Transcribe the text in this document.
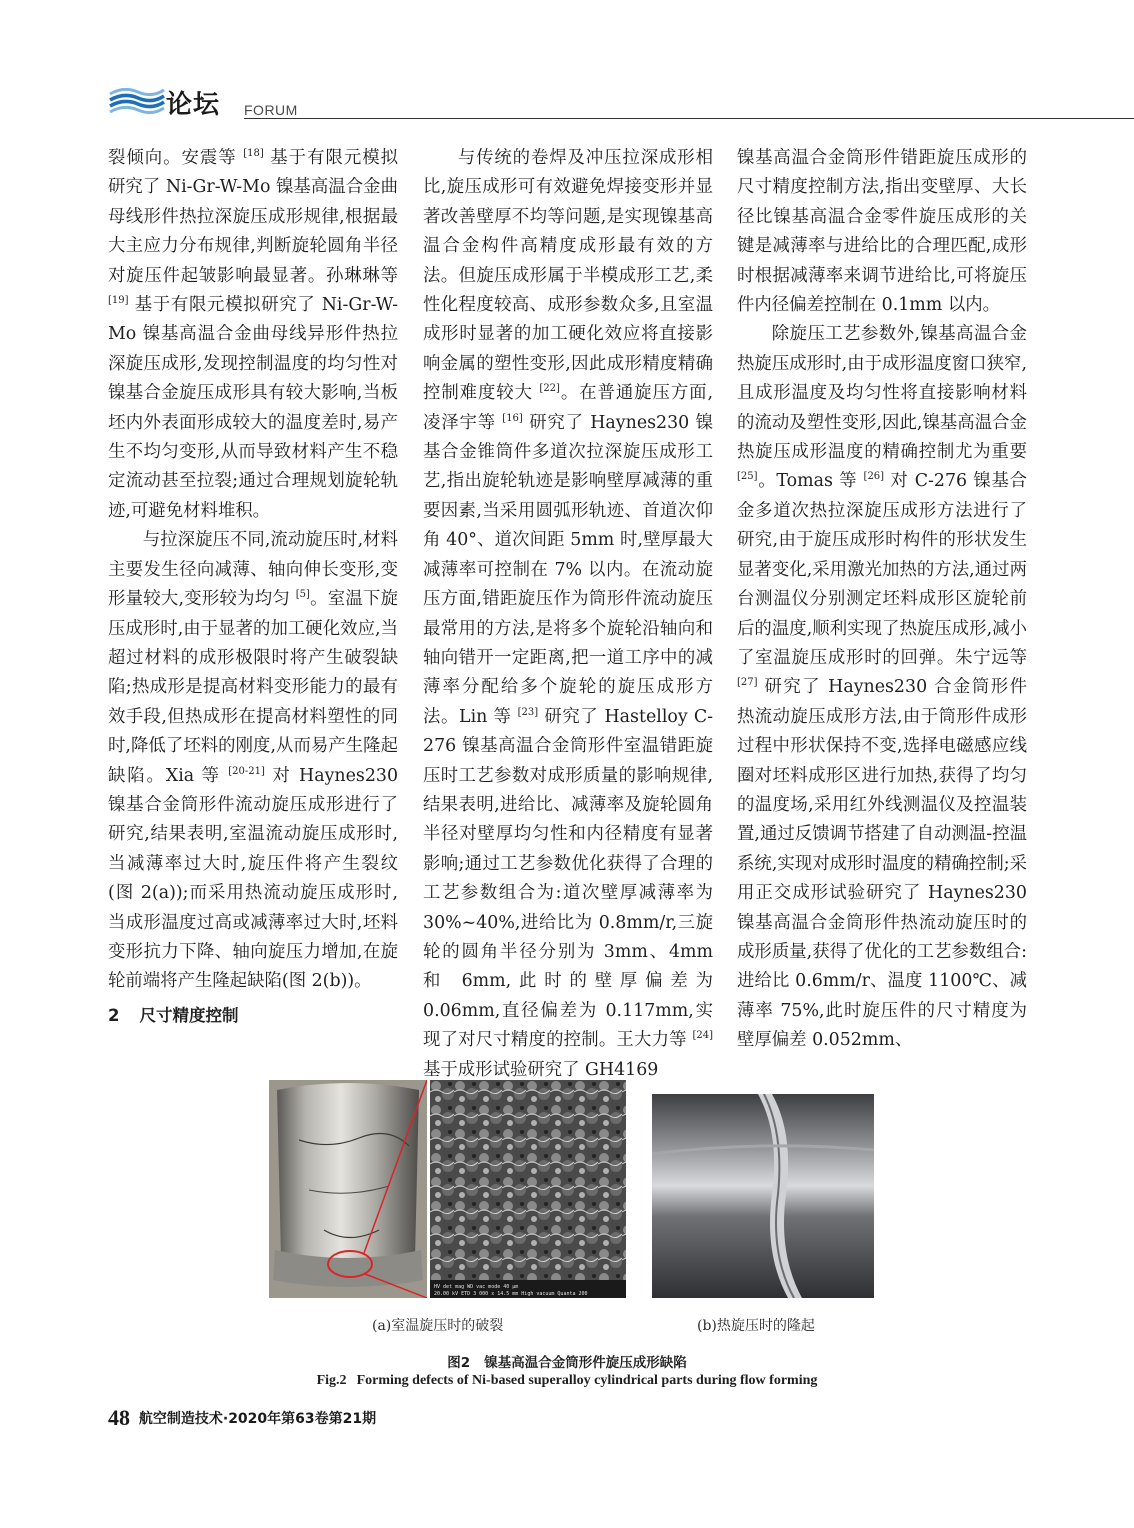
论坛 FORUM

裂倾向。安震等 [18] 基于有限元模拟研究了 Ni-Gr-W-Mo 镍基高温合金曲母线形件热拉深旋压成形规律,根据最大主应力分布规律,判断旋轮圆角半径对旋压件起皱影响最显著。孙琳琳等 [19] 基于有限元模拟研究了 Ni-Gr-W-Mo 镍基高温合金曲母线异形件热拉深旋压成形,发现控制温度的均匀性对镍基合金旋压成形具有较大影响,当板坯内外表面形成较大的温度差时,易产生不均匀变形,从而导致材料产生不稳定流动甚至拉裂;通过合理规划旋轮轨迹,可避免材料堆积。

与拉深旋压不同,流动旋压时,材料主要发生径向减薄、轴向伸长变形,变形量较大,变形较为均匀 [5]。室温下旋压成形时,由于显著的加工硬化效应,当超过材料的成形极限时将产生破裂缺陷;热成形是提高材料变形能力的最有效手段,但热成形在提高材料塑性的同时,降低了坯料的刚度,从而易产生隆起缺陷。Xia 等 [20-21] 对 Haynes230 镍基合金筒形件流动旋压成形进行了研究,结果表明,室温流动旋压成形时,当减薄率过大时,旋压件将产生裂纹(图 2(a));而采用热流动旋压成形时,当成形温度过高或减薄率过大时,坯料变形抗力下降、轴向旋压力增加,在旋轮前端将产生隆起缺陷(图 2(b))。

2 尺寸精度控制

与传统的卷焊及冲压拉深成形相比,旋压成形可有效避免焊接变形并显著改善壁厚不均等问题,是实现镍基高温合金构件高精度成形最有效的方法。但旋压成形属于半模成形工艺,柔性化程度较高、成形参数众多,且室温成形时显著的加工硬化效应将直接影响金属的塑性变形,因此成形精度精确控制难度较大 [22]。在普通旋压方面,凌泽宇等 [16] 研究了 Haynes230 镍基合金锥筒件多道次拉深旋压成形工艺,指出旋轮轨迹是影响壁厚减薄的重要因素,当采用圆弧形轨迹、首道次仰角 40°、道次间距 5mm 时,壁厚最大减薄率可控制在 7% 以内。在流动旋压方面,错距旋压作为筒形件流动旋压最常用的方法,是将多个旋轮沿轴向和轴向错开一定距离,把一道工序中的减薄率分配给多个旋轮的旋压成形方法。Lin 等 [23] 研究了 Hastelloy C-276 镍基高温合金筒形件室温错距旋压时工艺参数对成形质量的影响规律,结果表明,进给比、减薄率及旋轮圆角半径对壁厚均匀性和内径精度有显著影响;通过工艺参数优化获得了合理的工艺参数组合为:道次壁厚减薄率为 30%~40%,进给比为 0.8mm/r,三旋轮的圆角半径分别为 3mm、4mm 和 6mm,此时的壁厚偏差为 0.06mm,直径偏差为 0.117mm,实现了对尺寸精度的控制。王大力等 [24] 基于成形试验研究了 GH4169

镍基高温合金筒形件错距旋压成形的尺寸精度控制方法,指出变壁厚、大长径比镍基高温合金零件旋压成形的关键是减薄率与进给比的合理匹配,成形时根据减薄率来调节进给比,可将旋压件内径偏差控制在 0.1mm 以内。

除旋压工艺参数外,镍基高温合金热旋压成形时,由于成形温度窗口狭窄,且成形温度及均匀性将直接影响材料的流动及塑性变形,因此,镍基高温合金热旋压成形温度的精确控制尤为重要 [25]。Tomas 等 [26] 对 C-276 镍基合金多道次热拉深旋压成形方法进行了研究,由于旋压成形时构件的形状发生显著变化,采用激光加热的方法,通过两台测温仪分别测定坯料成形区旋轮前后的温度,顺利实现了热旋压成形,减小了室温旋压成形时的回弹。朱宁远等 [27] 研究了 Haynes230 合金筒形件热流动旋压成形方法,由于筒形件成形过程中形状保持不变,选择电磁感应线圈对坯料成形区进行加热,获得了均匀的温度场,采用红外线测温仪及控温装置,通过反馈调节搭建了自动测温-控温系统,实现对成形时温度的精确控制;采用正交成形试验研究了 Haynes230 镍基高温合金筒形件热流动旋压时的成形质量,获得了优化的工艺参数组合:进给比 0.6mm/r、温度 1100℃、减薄率 75%,此时旋压件的尺寸精度为壁厚偏差 0.052mm、

HV det mag WD vac mode 40 μm
20.00 kV ETD 3 000 x 14.5 mm High vacuum Quanta 200
(a)室温旋压时的破裂	(b)热旋压时的隆起
图2 镍基高温合金筒形件旋压成形缺陷
Fig.2 Forming defects of Ni-based superalloy cylindrical parts during flow forming
48 航空制造技术·2020年第63卷第21期
